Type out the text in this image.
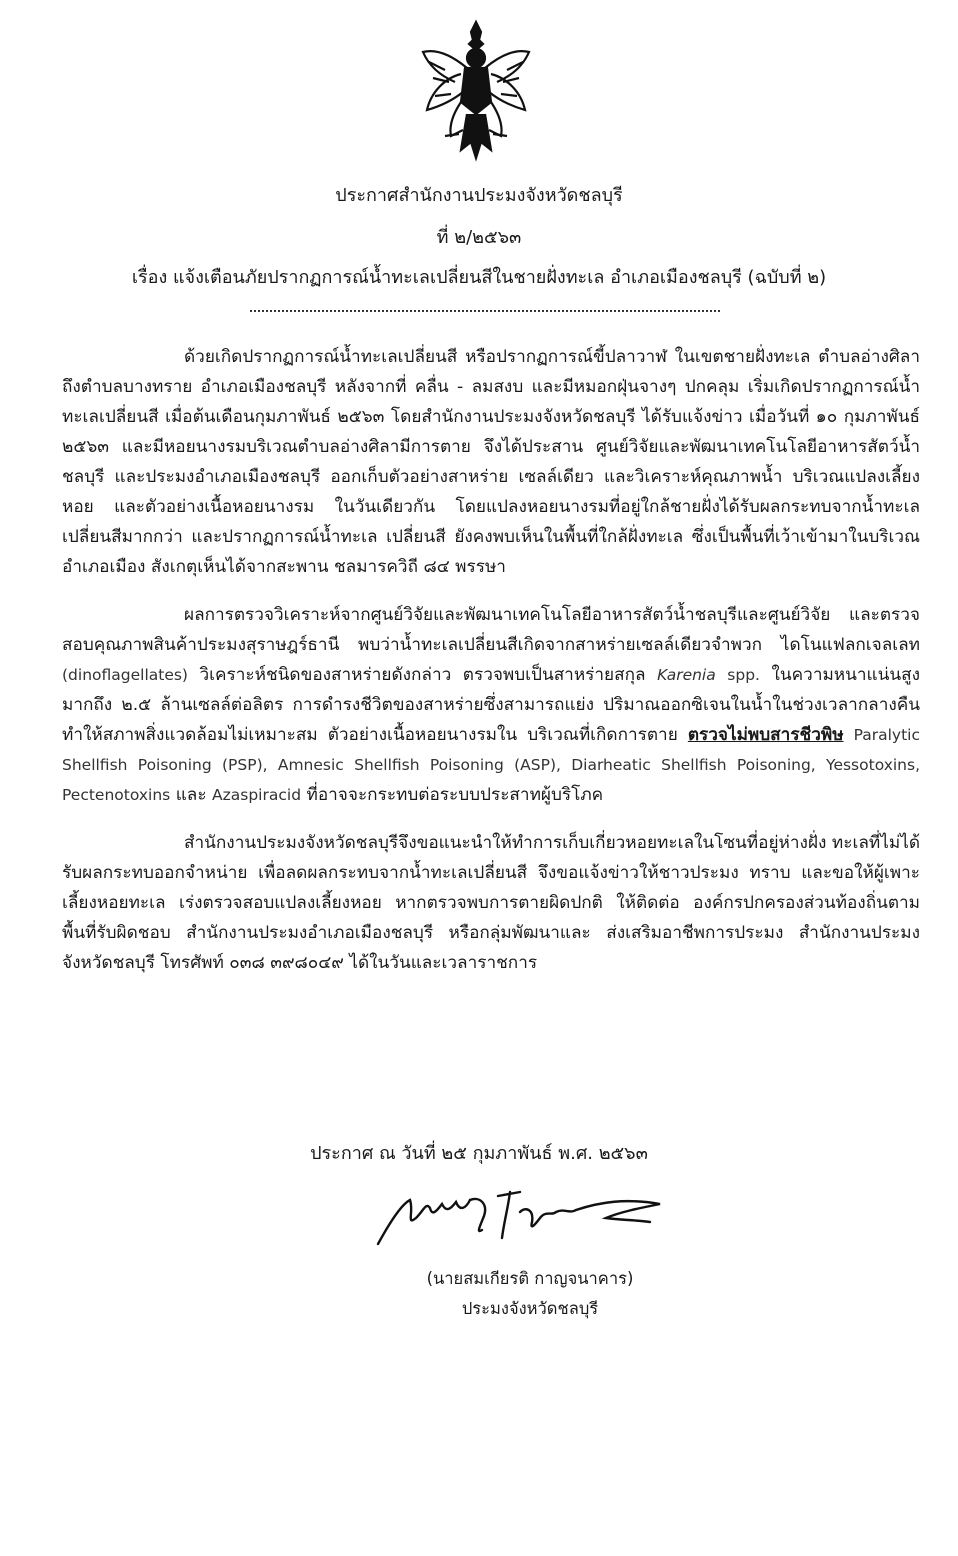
ประกาศสำนักงานประมงจังหวัดชลบุรี
ที่ ๒/๒๕๖๓
เรื่อง แจ้งเตือนภัยปรากฏการณ์น้ำทะเลเปลี่ยนสีในชายฝั่งทะเล อำเภอเมืองชลบุรี (ฉบับที่ ๒)

ด้วยเกิดปรากฏการณ์น้ำทะเลเปลี่ยนสี หรือปรากฏการณ์ขี้ปลาวาฬ ในเขตชายฝั่งทะเล ตำบลอ่างศิลาถึงตำบลบางทราย อำเภอเมืองชลบุรี หลังจากที่ คลื่น - ลมสงบ และมีหมอกฝุ่นจางๆ ปกคลุม เริ่มเกิดปรากฏการณ์น้ำทะเลเปลี่ยนสี เมื่อต้นเดือนกุมภาพันธ์ ๒๕๖๓ โดยสำนักงานประมงจังหวัดชลบุรี ได้รับแจ้งข่าว เมื่อวันที่ ๑๐ กุมภาพันธ์ ๒๕๖๓ และมีหอยนางรมบริเวณตำบลอ่างศิลามีการตาย จึงได้ประสาน ศูนย์วิจัยและพัฒนาเทคโนโลยีอาหารสัตว์น้ำชลบุรี และประมงอำเภอเมืองชลบุรี ออกเก็บตัวอย่างสาหร่าย เซลล์เดียว และวิเคราะห์คุณภาพน้ำ บริเวณแปลงเลี้ยงหอย และตัวอย่างเนื้อหอยนางรม ในวันเดียวกัน โดยแปลงหอยนางรมที่อยู่ใกล้ชายฝั่งได้รับผลกระทบจากน้ำทะเลเปลี่ยนสีมากกว่า และปรากฏการณ์น้ำทะเล เปลี่ยนสี ยังคงพบเห็นในพื้นที่ใกล้ฝั่งทะเล ซึ่งเป็นพื้นที่เว้าเข้ามาในบริเวณอำเภอเมือง สังเกตุเห็นได้จากสะพาน ชลมารควิถี ๘๔ พรรษา

ผลการตรวจวิเคราะห์จากศูนย์วิจัยและพัฒนาเทคโนโลยีอาหารสัตว์น้ำชลบุรีและศูนย์วิจัย และตรวจสอบคุณภาพสินค้าประมงสุราษฎร์ธานี พบว่าน้ำทะเลเปลี่ยนสีเกิดจากสาหร่ายเซลล์เดียวจำพวก ไดโนแฟลกเจลเลท (dinoflagellates) วิเคราะห์ชนิดของสาหร่ายดังกล่าว ตรวจพบเป็นสาหร่ายสกุล Karenia spp. ในความหนาแน่นสูงมากถึง ๒.๕ ล้านเซลล์ต่อลิตร การดำรงชีวิตของสาหร่ายซึ่งสามารถแย่ง ปริมาณออกซิเจนในน้ำในช่วงเวลากลางคืน ทำให้สภาพสิ่งแวดล้อมไม่เหมาะสม ตัวอย่างเนื้อหอยนางรมใน บริเวณที่เกิดการตาย ตรวจไม่พบสารชีวพิษ Paralytic Shellfish Poisoning (PSP), Amnesic Shellfish Poisoning (ASP), Diarheatic Shellfish Poisoning, Yessotoxins, Pectenotoxins และ Azaspiracid ที่อาจจะกระทบต่อระบบประสาทผู้บริโภค

สำนักงานประมงจังหวัดชลบุรีจึงขอแนะนำให้ทำการเก็บเกี่ยวหอยทะเลในโซนที่อยู่ห่างฝั่ง ทะเลที่ไม่ได้รับผลกระทบออกจำหน่าย เพื่อลดผลกระทบจากน้ำทะเลเปลี่ยนสี จึงขอแจ้งข่าวให้ชาวประมง ทราบ และขอให้ผู้เพาะเลี้ยงหอยทะเล เร่งตรวจสอบแปลงเลี้ยงหอย หากตรวจพบการตายผิดปกติ ให้ติดต่อ องค์กรปกครองส่วนท้องถิ่นตามพื้นที่รับผิดชอบ สำนักงานประมงอำเภอเมืองชลบุรี หรือกลุ่มพัฒนาและ ส่งเสริมอาชีพการประมง สำนักงานประมงจังหวัดชลบุรี โทรศัพท์ ๐๓๘ ๓๙๘๐๔๙ ได้ในวันและเวลาราชการ

ประกาศ ณ วันที่ ๒๕ กุมภาพันธ์ พ.ศ. ๒๕๖๓
(นายสมเกียรติ กาญจนาคาร)
ประมงจังหวัดชลบุรี
